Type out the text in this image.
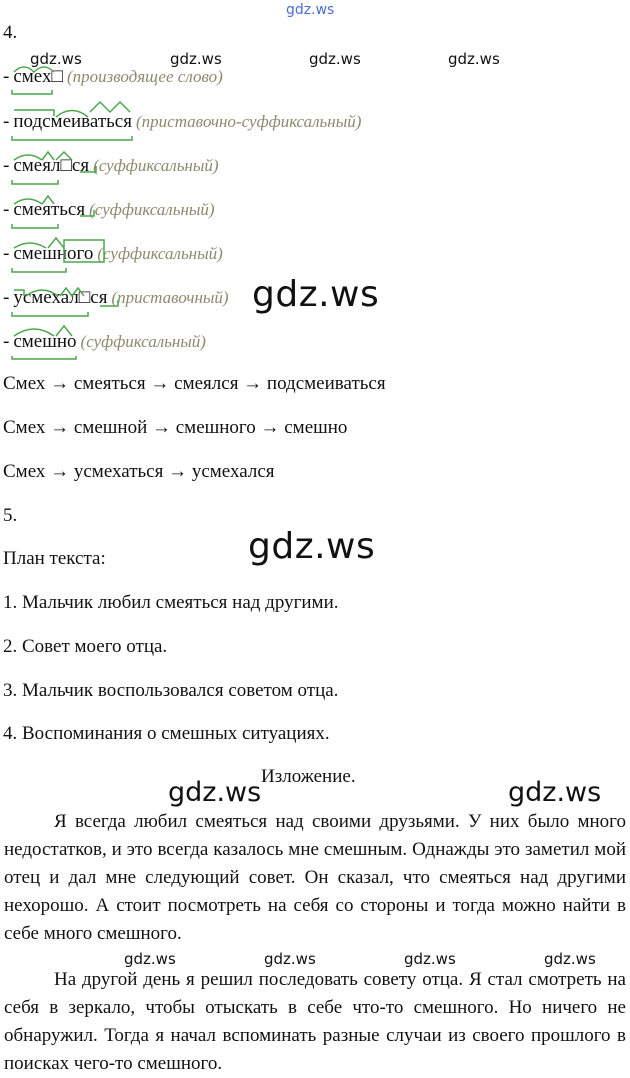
gdz.ws
gdz.ws	gdz.ws	gdz.ws	gdz.ws
gdz.ws
gdz.ws
gdz.ws	gdz.ws
gdz.ws	gdz.ws	gdz.ws	gdz.ws
4.
- смех□ (производящее слово)
- подсмеиваться (приставочно-суффиксальный)
- смеял□ся (суффиксальный)
- смеяться (суффиксальный)
- смешного (суффиксальный)
- усмехал□ся (приставочный)
- смешно (суффиксальный)
Смех → смеяться → смеялся → подсмеиваться
Смех → смешной → смешного → смешно
Смех → усмехаться → усмехался
5.
План текста:
1. Мальчик любил смеяться над другими.
2. Совет моего отца.
3. Мальчик воспользовался советом отца.
4. Воспоминания о смешных ситуациях.
Изложение.

Я всегда любил смеяться над своими друзьями. У них было много недостатков, и это всегда казалось мне смешным. Однажды это заметил мой отец и дал мне следующий совет. Он сказал, что смеяться над другими нехорошо. А стоит посмотреть на себя со стороны и тогда можно найти в себе много смешного.

На другой день я решил последовать совету отца. Я стал смотреть на себя в зеркало, чтобы отыскать в себе что-то смешного. Но ничего не обнаружил. Тогда я начал вспоминать разные случаи из своего прошлого в поисках чего-то смешного.
